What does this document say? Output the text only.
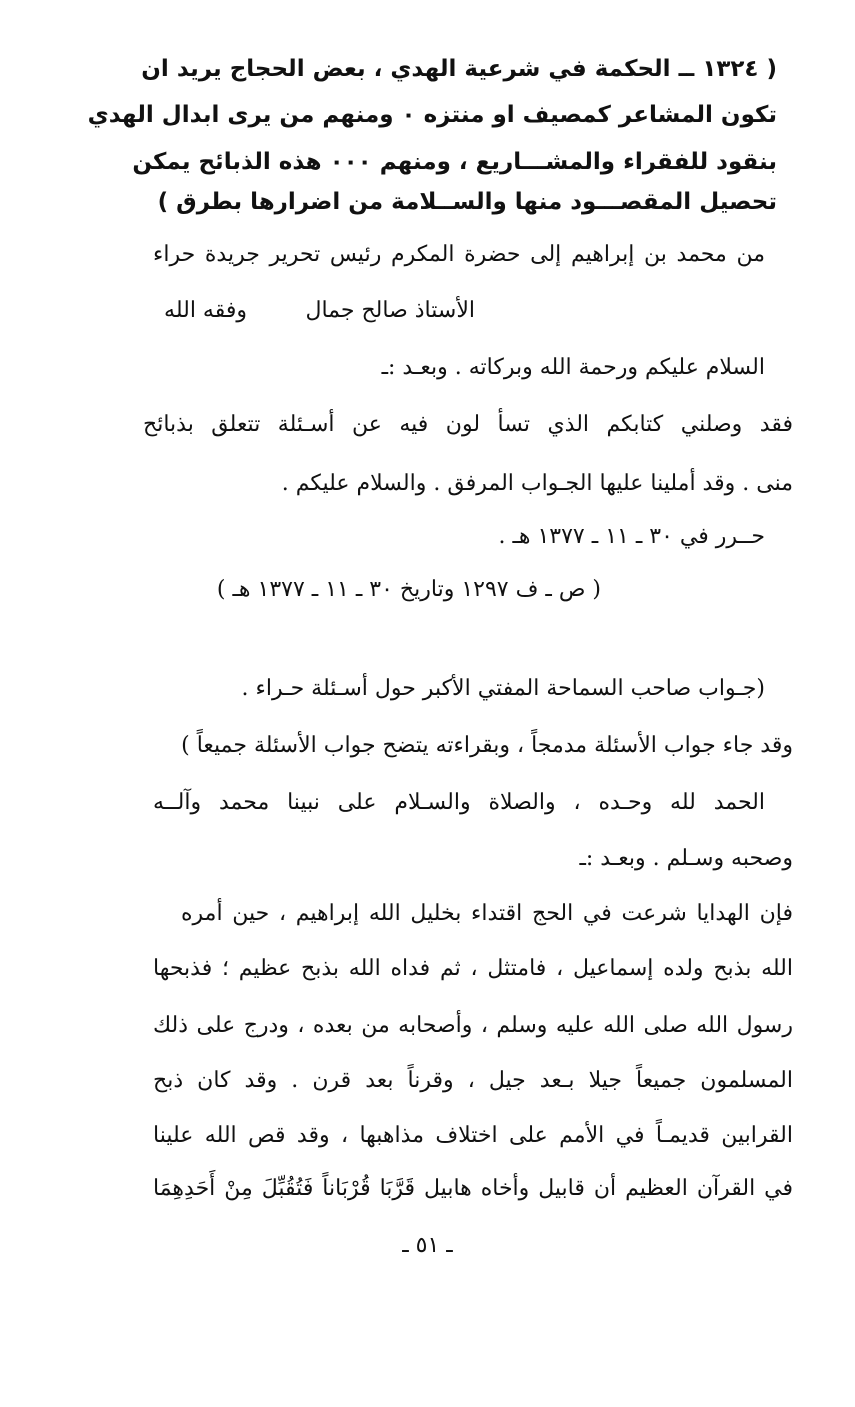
( ١٣٢٤ ــ الحكمة في شرعية الهدي ، بعض الحجاج يريد ان
تكون المشاعر كمصيف او منتزه ٠ ومنهم من يرى ابدال الهدي
بنقود للفقراء والمشـــاريع ، ومنهم ٠٠٠ هذه الذبائح يمكن
تحصيل المقصـــود منها والســلامة من اضرارها بطرق )
من محمد بن إبراهيم إلى حضرة المكرم رئيس تحرير جريدة حراء
الأستاذ صالح جمال
وفقه الله
السلام عليكم ورحمة الله وبركاته . وبعـد :ـ
فقد وصلني كتابكم الذي تسأ لون فيه عن أسـئلة تتعلق بذبائح
منى . وقد أملينا عليها الجـواب المرفق . والسلام عليكم .
حــرر في ٣٠ ـ ١١ ـ ١٣٧٧ هـ .
( ص ـ ف ١٢٩٧ وتاريخ ٣٠ ـ ١١ ـ ١٣٧٧ هـ )
(جـواب صاحب السماحة المفتي الأكبر حول أسـئلة حـراء .
وقد جاء جواب الأسئلة مدمجاً ، وبقراءته يتضح جواب الأسئلة جميعاً )
الحمد لله وحـده ، والصلاة والسـلام على نبينا محمد وآلــه
وصحبه وسـلم . وبعـد :ـ
فإن الهدايا شرعت في الحج اقتداء بخليل الله إبراهيم ، حين أمره
الله بذبح ولده إسماعيل ، فامتثل ، ثم فداه الله بذبح عظيم ؛ فذبحها
رسول الله صلى الله عليه وسلم ، وأصحابه من بعده ، ودرج على ذلك
المسلمون جميعاً جيلا بـعد جيل ، وقرناً بعد قرن . وقد كان ذبح
القرابين قديمـاً في الأمم على اختلاف مذاهبها ، وقد قص الله علينا
في القرآن العظيم أن قابيل وأخاه هابيل قَرَّبَا قُرْبَاناً فَتُقُبِّلَ مِنْ أَحَدِهِمَا
ـ ٥١ ـ
